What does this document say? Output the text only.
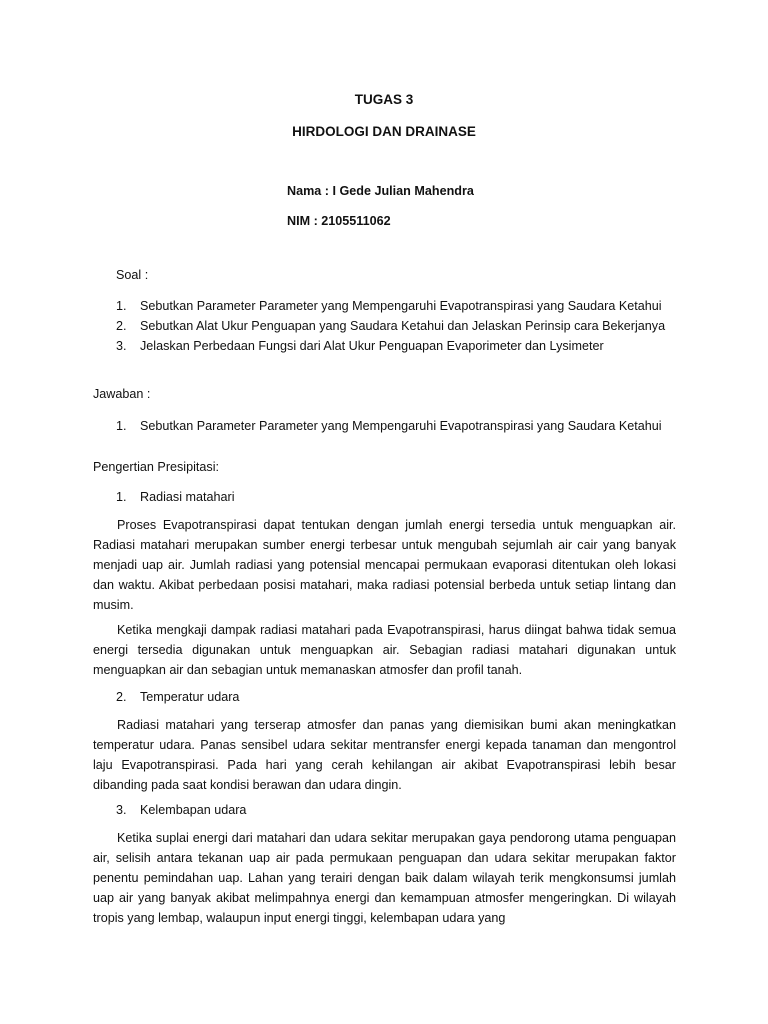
TUGAS 3
HIRDOLOGI DAN DRAINASE
Nama : I Gede Julian Mahendra
NIM : 2105511062
Soal :
1.	Sebutkan Parameter Parameter yang Mempengaruhi Evapotranspirasi yang Saudara Ketahui
2.	Sebutkan Alat Ukur Penguapan yang Saudara Ketahui dan Jelaskan Perinsip cara Bekerjanya
3.	Jelaskan Perbedaan Fungsi dari Alat Ukur Penguapan Evaporimeter dan Lysimeter
Jawaban :
1.	Sebutkan Parameter Parameter yang Mempengaruhi Evapotranspirasi yang Saudara Ketahui
Pengertian Presipitasi:
1.	Radiasi matahari

Proses Evapotranspirasi dapat tentukan dengan jumlah energi tersedia untuk menguapkan air. Radiasi matahari merupakan sumber energi terbesar untuk mengubah sejumlah air cair yang banyak menjadi uap air. Jumlah radiasi yang potensial mencapai permukaan evaporasi ditentukan oleh lokasi dan waktu. Akibat perbedaan posisi matahari, maka radiasi potensial berbeda untuk setiap lintang dan musim.

Ketika mengkaji dampak radiasi matahari pada Evapotranspirasi, harus diingat bahwa tidak semua energi tersedia digunakan untuk menguapkan air. Sebagian radiasi matahari digunakan untuk menguapkan air dan sebagian untuk memanaskan atmosfer dan profil tanah.

2.	Temperatur udara

Radiasi matahari yang terserap atmosfer dan panas yang diemisikan bumi akan meningkatkan temperatur udara. Panas sensibel udara sekitar mentransfer energi kepada tanaman dan mengontrol laju Evapotranspirasi. Pada hari yang cerah kehilangan air akibat Evapotranspirasi lebih besar dibanding pada saat kondisi berawan dan udara dingin.

3.	Kelembapan udara

Ketika suplai energi dari matahari dan udara sekitar merupakan gaya pendorong utama penguapan air, selisih antara tekanan uap air pada permukaan penguapan dan udara sekitar merupakan faktor penentu pemindahan uap. Lahan yang terairi dengan baik dalam wilayah terik mengkonsumsi jumlah uap air yang banyak akibat melimpahnya energi dan kemampuan atmosfer mengeringkan. Di wilayah tropis yang lembap, walaupun input energi tinggi, kelembapan udara yang
